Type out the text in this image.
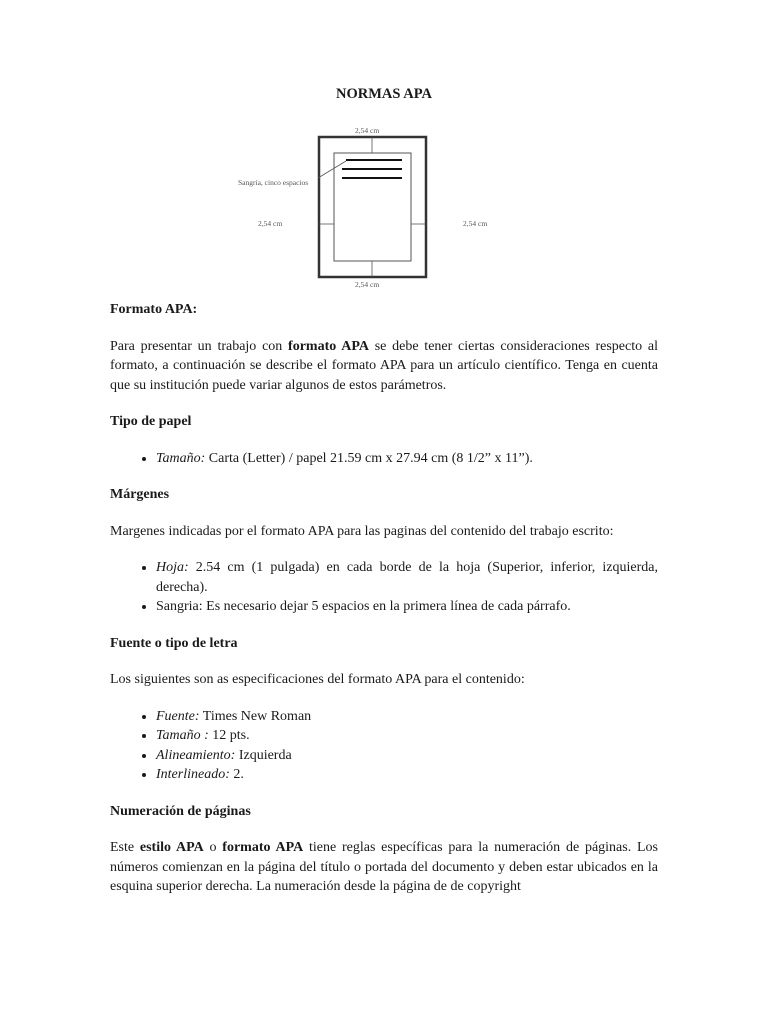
NORMAS APA
2,54 cm
Sangría, cinco espacios
2,54 cm	2,54 cm
2,54 cm
Formato APA:

Para presentar un trabajo con formato APA se debe tener ciertas consideraciones respecto al formato, a continuación se describe el formato APA para un artículo científico. Tenga en cuenta que su institución puede variar algunos de estos parámetros.

Tipo de papel
• Tamaño: Carta (Letter) / papel 21.59 cm x 27.94 cm (8 1/2” x 11”).
Márgenes

Margenes indicadas por el formato APA para las paginas del contenido del trabajo escrito:

• Hoja: 2.54 cm (1 pulgada) en cada borde de la hoja (Superior, inferior, izquierda, derecha).
• Sangria: Es necesario dejar 5 espacios en la primera línea de cada párrafo.
Fuente o tipo de letra

Los siguientes son as especificaciones del formato APA para el contenido:

• Fuente: Times New Roman
• Tamaño : 12 pts.
• Alineamiento: Izquierda
• Interlineado: 2.
Numeración de páginas

Este estilo APA o formato APA tiene reglas específicas para la numeración de páginas. Los números comienzan en la página del título o portada del documento y deben estar ubicados en la esquina superior derecha. La numeración desde la página de de copyright
